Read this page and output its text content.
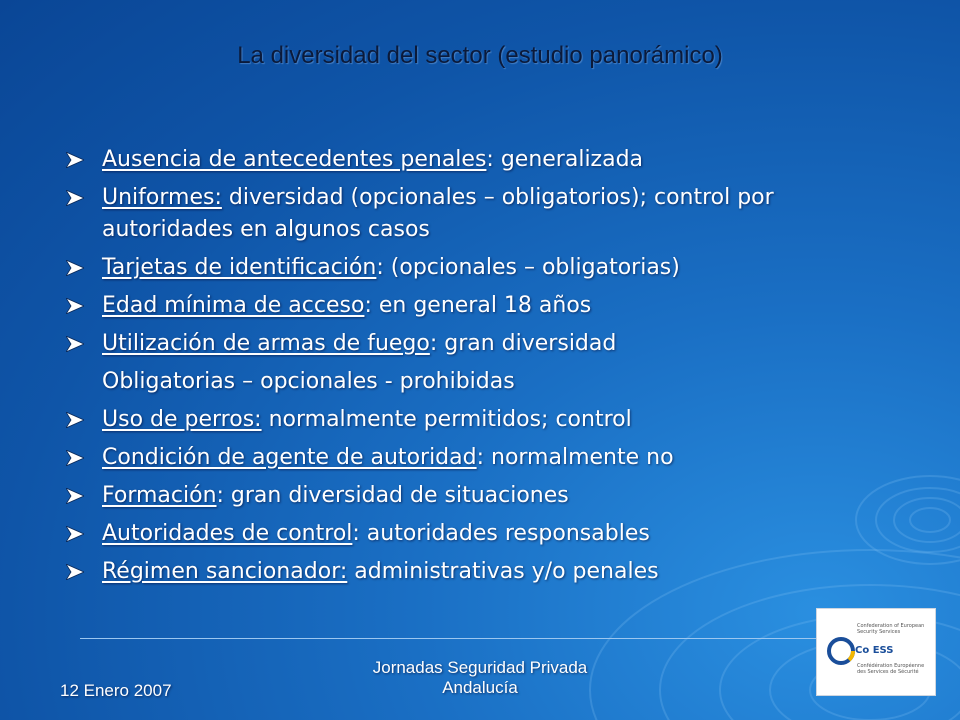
La diversidad del sector (estudio panorámico)
Ausencia de antecedentes penales: generalizada
Uniformes: diversidad (opcionales – obligatorios); control por autoridades en algunos casos
Tarjetas de identificación: (opcionales – obligatorias)
Edad mínima de acceso: en general 18 años
Utilización de armas de fuego: gran diversidad
Obligatorias – opcionales - prohibidas
Uso de perros: normalmente permitidos; control
Condición de agente de autoridad: normalmente no
Formación: gran diversidad de situaciones
Autoridades de control: autoridades responsables
Régimen sancionador: administrativas y/o penales
12 Enero 2007
Jornadas Seguridad Privada Andalucía
Confederation of European Security Services
Co ESS
Confédération Européenne des Services de Sécurité
